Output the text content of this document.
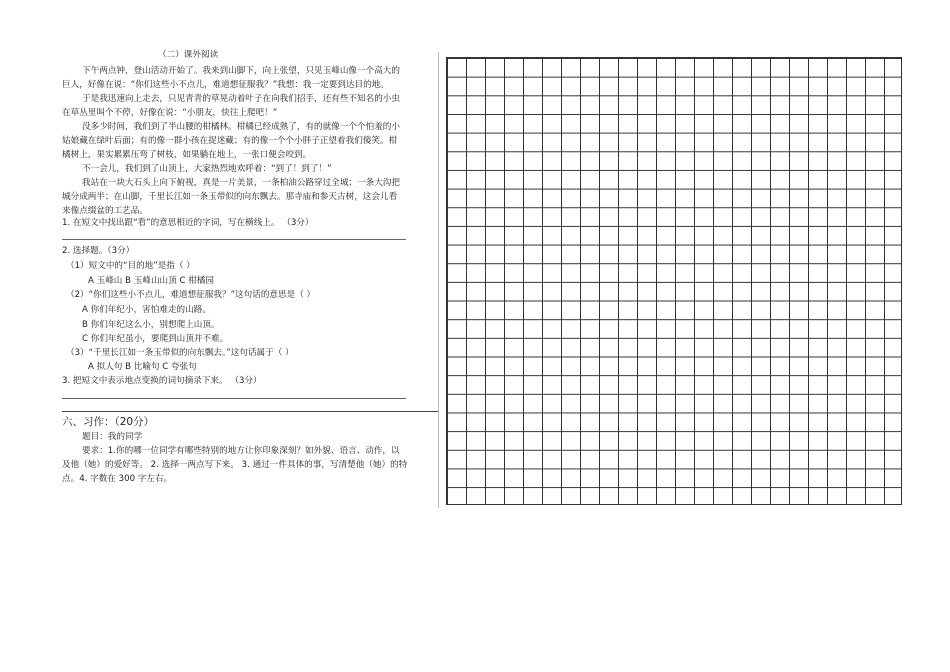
（二）课外阅读
下午两点钟，登山活动开始了。我来到山脚下，向上张望，只见玉峰山像一个高大的
巨人，好像在说：“你们这些小不点儿，难道想征服我？”我想：我一定要到达目的地。
于是我迅速向上走去，只见青青的草晃动着叶子在向我们招手，还有些不知名的小虫
在草丛里叫个不停，好像在说：“小朋友，快往上爬吧！”
没多少时间，我们到了半山腰的柑橘林。柑橘已经成熟了，有的就像一个个怕羞的小
姑娘藏在绿叶后面；有的像一群小孩在捉迷藏；有的像一个个小胖子正望着我们傻笑。柑
橘树上，果实累累压弯了树枝，如果躺在地上，一张口便会咬到。
不一会儿，我们到了山顶上，大家热烈地欢呼着：“到了！到了！”
我站在一块大石头上向下俯视，真是一片美景，一条柏油公路穿过全城；一条大沟把
城分成两半；在山脚，千里长江如一条玉带似的向东飘去。那寺庙和参天古树，这会儿看
来像点缀盆的工艺品。
1. 在短文中找出跟“看”的意思相近的字词，写在横线上。 （3分）
2. 选择题。（3分）
（1）短文中的“目的地”是指（ ）
A 玉峰山 B 玉峰山山顶 C 柑橘园
（2）“你们这些小不点儿，难道想征服我？”这句话的意思是（ ）
A 你们年纪小，害怕难走的山路。
B 你们年纪这么小，别想爬上山顶。
C 你们年纪虽小，要爬到山顶并不难。
（3）“千里长江如一条玉带似的向东飘去。”这句话属于（ ）
A 拟人句 B 比喻句 C 夸张句
3. 把短文中表示地点变换的词句摘录下来。 （3分）
六、习作：（20分）
题目：我的同学
要求：1.你的哪一位同学有哪些特别的地方让你印象深刻？如外貌、语言、动作，以
及他（她）的爱好等。 2. 选择一两点写下来。 3. 通过一件具体的事，写清楚他（她）的特
点。4. 字数在 300 字左右。
